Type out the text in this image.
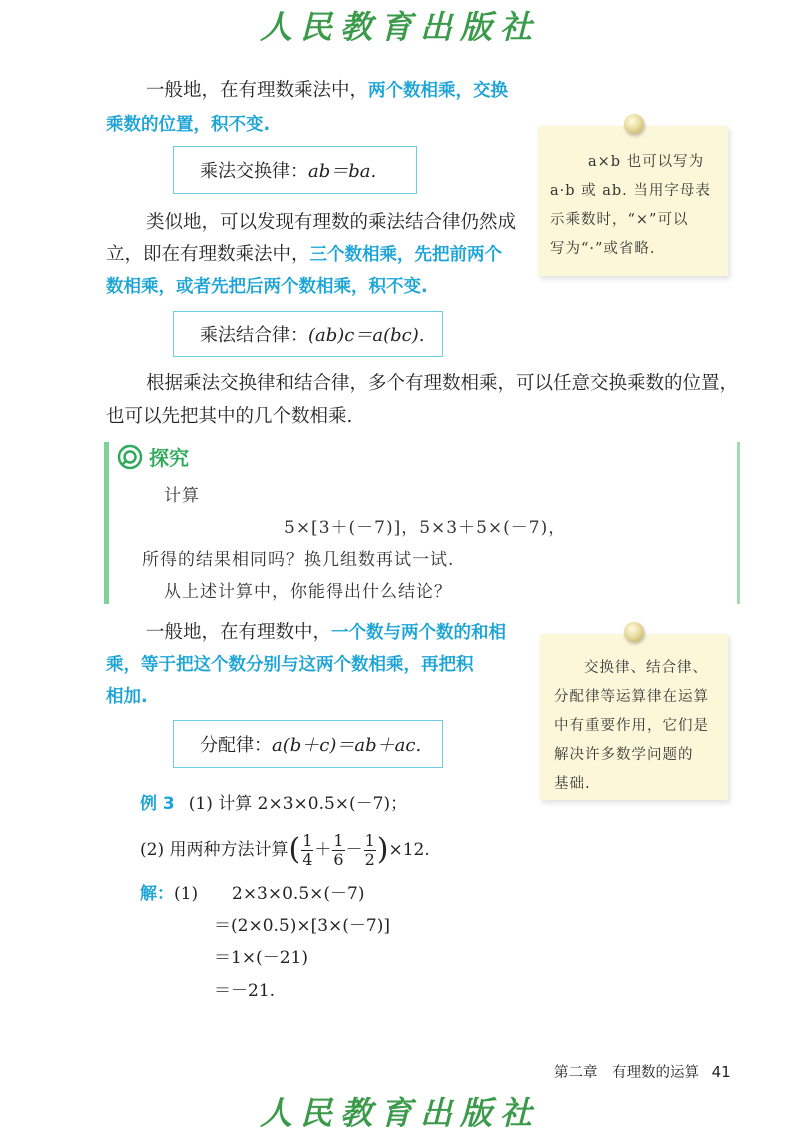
人民教育出版社
一般地，在有理数乘法中，两个数相乘，交换
乘数的位置，积不变.
乘法交换律： ab＝ba.
类似地，可以发现有理数的乘法结合律仍然成
立，即在有理数乘法中，三个数相乘，先把前两个
数相乘，或者先把后两个数相乘，积不变.
乘法结合律： (ab)c＝a(bc).
根据乘法交换律和结合律，多个有理数相乘，可以任意交换乘数的位置，
也可以先把其中的几个数相乘.
a×b 也可以写为
a·b 或 ab. 当用字母表
示乘数时，“×”可以
写为“·”或省略.
探究
计算
5×[3＋(－7)]，5×3＋5×(－7)，
所得的结果相同吗？换几组数再试一试.
从上述计算中，你能得出什么结论？
一般地，在有理数中，一个数与两个数的和相
乘，等于把这个数分别与这两个数相乘，再把积
相加.
分配律： a(b＋c)＝ab＋ac.
交换律、结合律、
分配律等运算律在运算
中有重要作用，它们是
解决许多数学问题的
基础.
例 3 (1) 计算 2×3×0.5×(－7)；
(2) 用两种方法计算 ( $\frac{1}{4} + \frac{1}{6} - \frac{1}{2}$ ) ×12.
解：(1) 2×3×0.5×(－7)
＝(2×0.5)×[3×(－7)]
＝1×(－21)
＝－21.
第二章　有理数的运算 41
人民教育出版社
